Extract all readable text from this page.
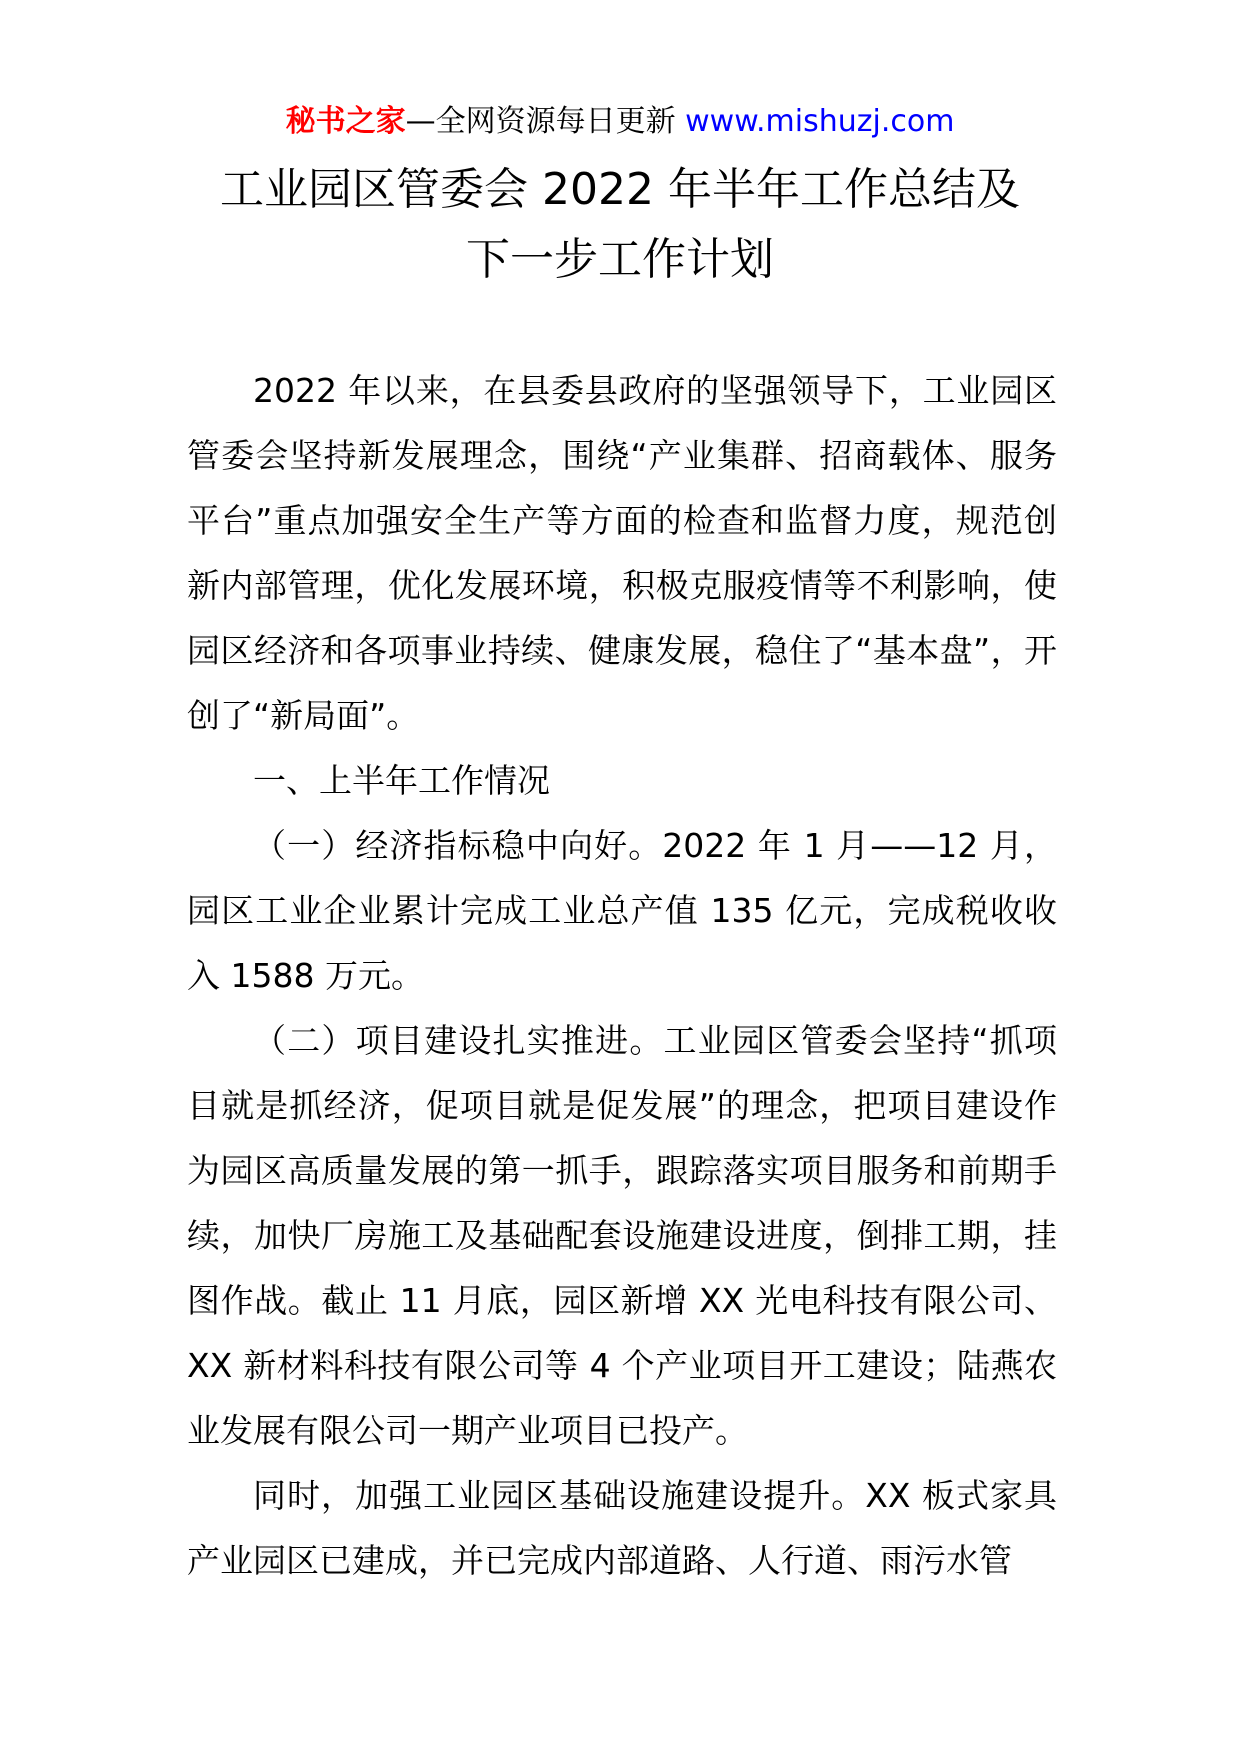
秘书之家—全网资源每日更新 www.mishuzj.com
工业园区管委会 2022 年半年工作总结及
下一步工作计划

2022 年以来，在县委县政府的坚强领导下，工业园区管委会坚持新发展理念，围绕“产业集群、招商载体、服务平台”重点加强安全生产等方面的检查和监督力度，规范创新内部管理，优化发展环境，积极克服疫情等不利影响，使园区经济和各项事业持续、健康发展，稳住了“基本盘”，开创了“新局面”。

一、上半年工作情况

（一）经济指标稳中向好。2022 年 1 月——12 月，园区工业企业累计完成工业总产值 135 亿元，完成税收收入 1588 万元。

（二）项目建设扎实推进。工业园区管委会坚持“抓项目就是抓经济，促项目就是促发展”的理念，把项目建设作为园区高质量发展的第一抓手，跟踪落实项目服务和前期手续，加快厂房施工及基础配套设施建设进度，倒排工期，挂图作战。截止 11 月底，园区新增 XX 光电科技有限公司、XX 新材料科技有限公司等 4 个产业项目开工建设；陆燕农业发展有限公司一期产业项目已投产。

同时，加强工业园区基础设施建设提升。XX 板式家具产业园区已建成，并已完成内部道路、人行道、雨污水管
